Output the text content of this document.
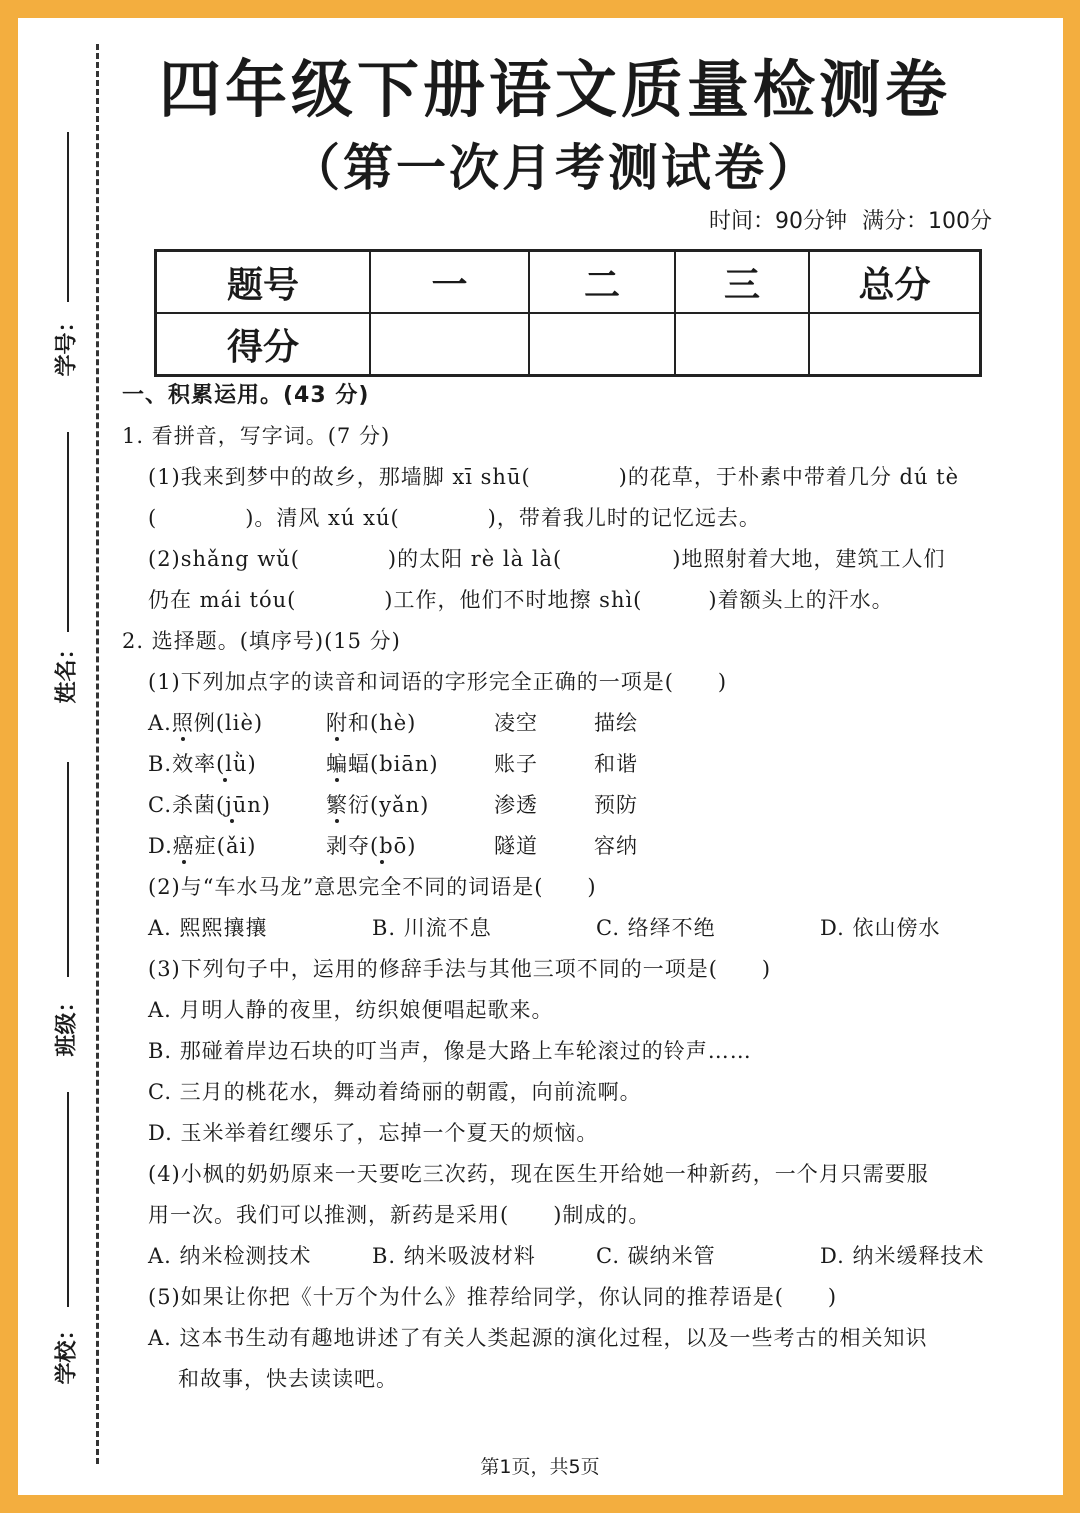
学号：
姓名：
班级：
学校：
四年级下册语文质量检测卷
（第一次月考测试卷）
时间：90分钟 满分：100分
题号	一	二	三	总分
得分				
一、积累运用。(43 分)
1. 看拼音，写字词。(7 分)
(1)我来到梦中的故乡，那墙脚 xī shū(　　　　)的花草，于朴素中带着几分 dú tè
(　　　　)。清风 xú xú(　　　　)，带着我儿时的记忆远去。
(2)shǎng wǔ(　　　　)的太阳 rè là là(　　　　　)地照射着大地，建筑工人们
仍在 mái tóu(　　　　)工作，他们不时地擦 shì(　　　)着额头上的汗水。
2. 选择题。(填序号)(15 分)
(1)下列加点字的读音和词语的字形完全正确的一项是(　　)
A.照例(liè)	附和(hè)	凌空	描绘
B.效率(lǜ)	蝙蝠(biān)	账子	和谐
C.杀菌(jūn)	繁衍(yǎn)	渗透	预防
D.癌症(ǎi)	剥夺(bō)	隧道	容纳
(2)与“车水马龙”意思完全不同的词语是(　　)
A. 熙熙攘攘	B. 川流不息	C. 络绎不绝	D. 依山傍水
(3)下列句子中，运用的修辞手法与其他三项不同的一项是(　　)
A. 月明人静的夜里，纺织娘便唱起歌来。
B. 那碰着岸边石块的叮当声，像是大路上车轮滚过的铃声……
C. 三月的桃花水，舞动着绮丽的朝霞，向前流啊。
D. 玉米举着红缨乐了，忘掉一个夏天的烦恼。
(4)小枫的奶奶原来一天要吃三次药，现在医生开给她一种新药，一个月只需要服
用一次。我们可以推测，新药是采用(　　)制成的。
A. 纳米检测技术	B. 纳米吸波材料	C. 碳纳米管	D. 纳米缓释技术
(5)如果让你把《十万个为什么》推荐给同学，你认同的推荐语是(　　)
A. 这本书生动有趣地讲述了有关人类起源的演化过程，以及一些考古的相关知识
和故事，快去读读吧。
第1页，共5页
